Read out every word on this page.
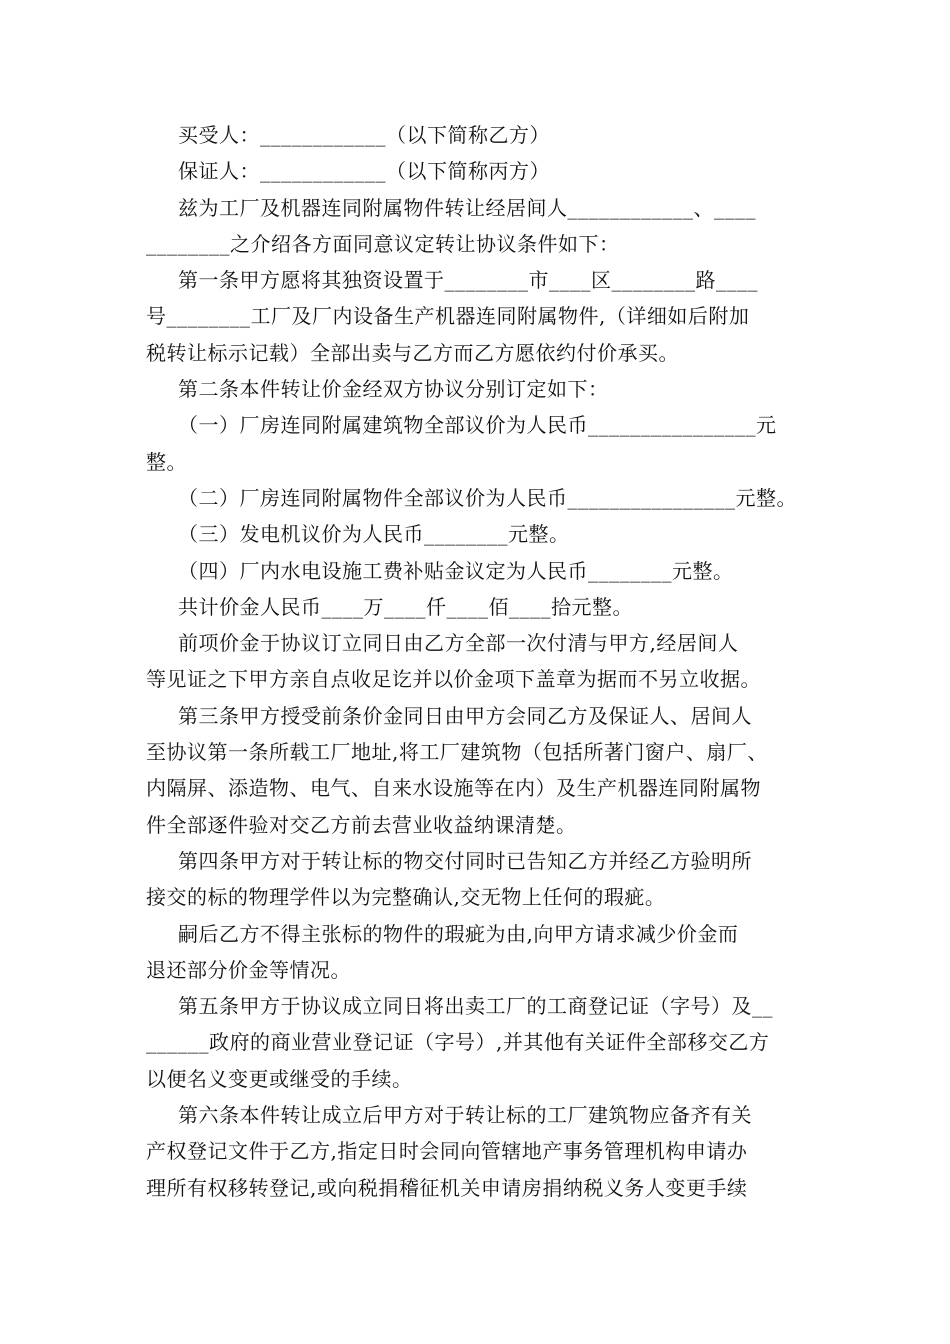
买受人：____________（以下简称乙方）
保证人：____________（以下简称丙方）
兹为工厂及机器连同附属物件转让经居间人____________、____
________之介绍各方面同意议定转让协议条件如下：
第一条甲方愿将其独资设置于________市____区________路____
号________工厂及厂内设备生产机器连同附属物件,（详细如后附加
税转让标示记载）全部出卖与乙方而乙方愿依约付价承买。
第二条本件转让价金经双方协议分别订定如下：
（一）厂房连同附属建筑物全部议价为人民币________________元
整。
（二）厂房连同附属物件全部议价为人民币________________元整。
（三）发电机议价为人民币________元整。
（四）厂内水电设施工费补贴金议定为人民币________元整。
共计价金人民币____万____仟____佰____拾元整。
前项价金于协议订立同日由乙方全部一次付清与甲方,经居间人
等见证之下甲方亲自点收足讫并以价金项下盖章为据而不另立收据。
第三条甲方授受前条价金同日由甲方会同乙方及保证人、居间人
至协议第一条所载工厂地址,将工厂建筑物（包括所著门窗户、扇厂、
内隔屏、添造物、电气、自来水设施等在内）及生产机器连同附属物
件全部逐件验对交乙方前去营业收益纳课清楚。
第四条甲方对于转让标的物交付同时已告知乙方并经乙方验明所
接交的标的物理学件以为完整确认,交无物上任何的瑕疵。
嗣后乙方不得主张标的物件的瑕疵为由,向甲方请求减少价金而
退还部分价金等情况。
第五条甲方于协议成立同日将出卖工厂的工商登记证（字号）及__
______政府的商业营业登记证（字号）,并其他有关证件全部移交乙方
以便名义变更或继受的手续。
第六条本件转让成立后甲方对于转让标的工厂建筑物应备齐有关
产权登记文件于乙方,指定日时会同向管辖地产事务管理机构申请办
理所有权移转登记,或向税捐稽征机关申请房捐纳税义务人变更手续
